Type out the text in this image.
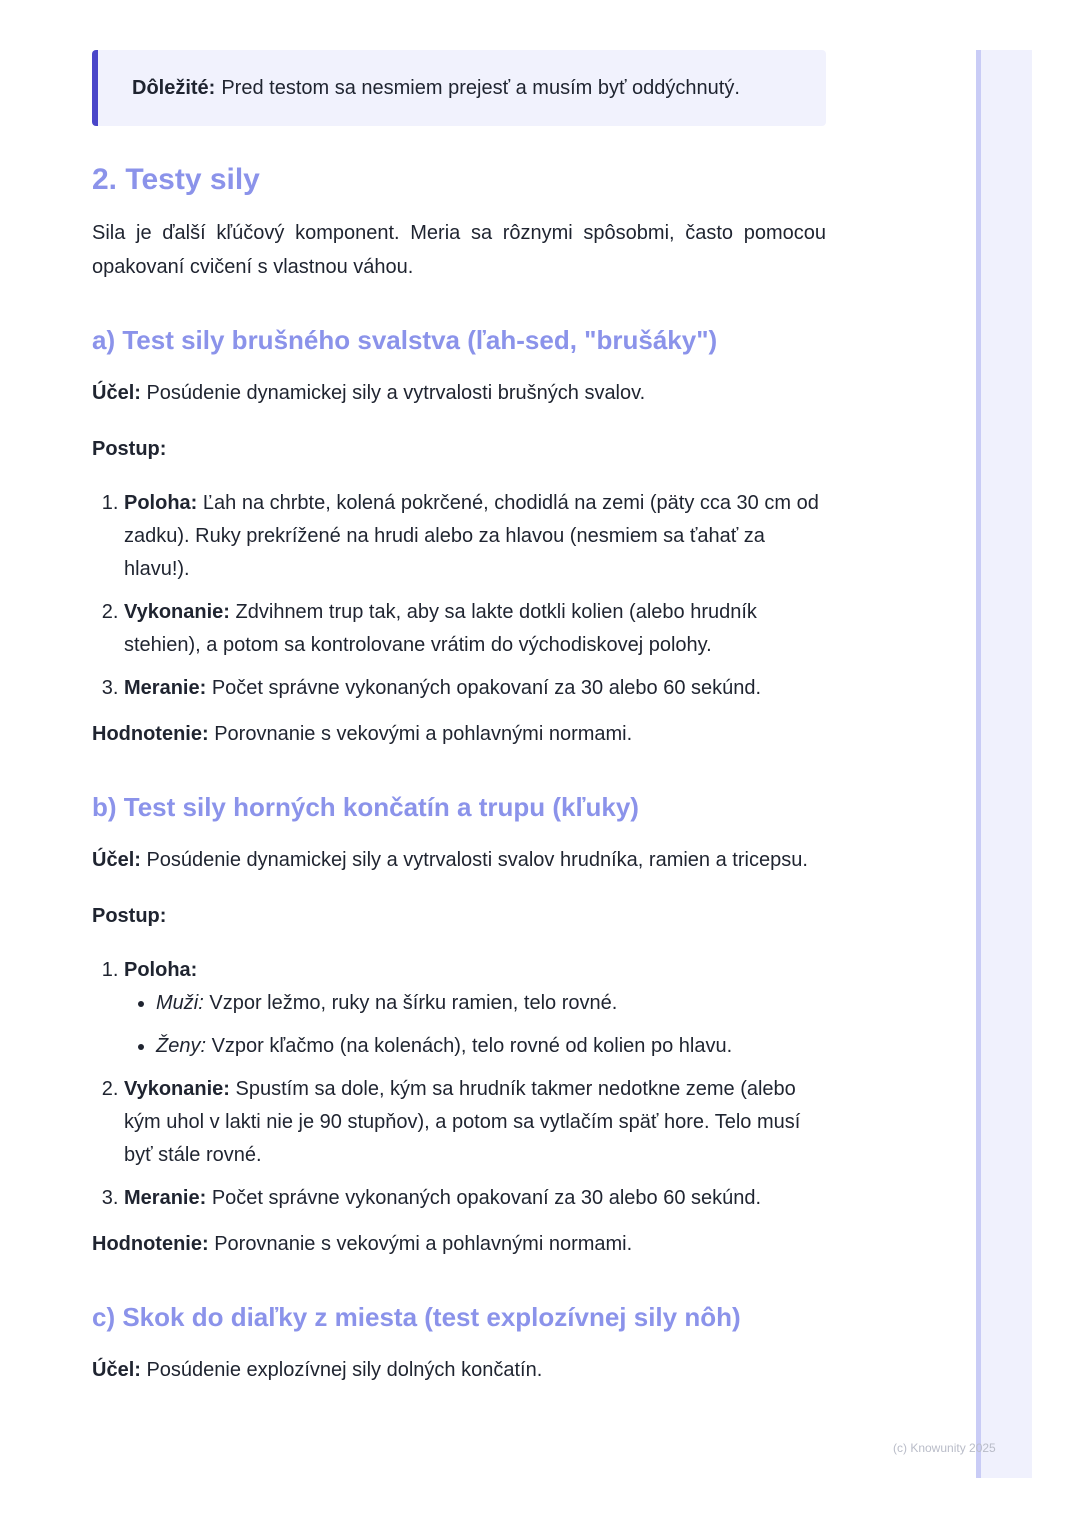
Dôležité: Pred testom sa nesmiem prejesť a musím byť oddýchnutý.
2. Testy sily

Sila je ďalší kľúčový komponent. Meria sa rôznymi spôsobmi, často pomocou opakovaní cvičení s vlastnou váhou.

a) Test sily brušného svalstva (ľah-sed, "brušáky")

Účel: Posúdenie dynamickej sily a vytrvalosti brušných svalov.

Postup:

1. Poloha: Ľah na chrbte, kolená pokrčené, chodidlá na zemi (päty cca 30 cm od zadku). Ruky prekrížené na hrudi alebo za hlavou (nesmiem sa ťahať za hlavu!).
2. Vykonanie: Zdvihnem trup tak, aby sa lakte dotkli kolien (alebo hrudník stehien), a potom sa kontrolovane vrátim do východiskovej polohy.
3. Meranie: Počet správne vykonaných opakovaní za 30 alebo 60 sekúnd.

Hodnotenie: Porovnanie s vekovými a pohlavnými normami.

b) Test sily horných končatín a trupu (kľuky)

Účel: Posúdenie dynamickej sily a vytrvalosti svalov hrudníka, ramien a tricepsu.

Postup:

1. Poloha:
• Muži: Vzpor ležmo, ruky na šírku ramien, telo rovné.
• Ženy: Vzpor kľačmo (na kolenách), telo rovné od kolien po hlavu.
2. Vykonanie: Spustím sa dole, kým sa hrudník takmer nedotkne zeme (alebo kým uhol v lakti nie je 90 stupňov), a potom sa vytlačím späť hore. Telo musí byť stále rovné.
3. Meranie: Počet správne vykonaných opakovaní za 30 alebo 60 sekúnd.

Hodnotenie: Porovnanie s vekovými a pohlavnými normami.

c) Skok do diaľky z miesta (test explozívnej sily nôh)

Účel: Posúdenie explozívnej sily dolných končatín.

(c) Knowunity 2025
